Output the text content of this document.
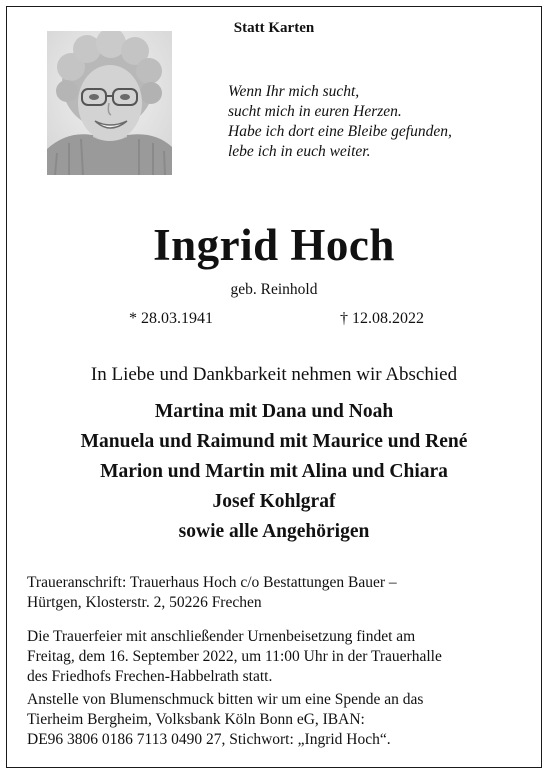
Statt Karten
Wenn Ihr mich sucht,
sucht mich in euren Herzen.
Habe ich dort eine Bleibe gefunden,
lebe ich in euch weiter.
Ingrid Hoch
geb. Reinhold
* 28.03.1941	† 12.08.2022
In Liebe und Dankbarkeit nehmen wir Abschied
Martina mit Dana und Noah
Manuela und Raimund mit Maurice und René
Marion und Martin mit Alina und Chiara
Josef Kohlgraf
sowie alle Angehörigen
Traueranschrift: Trauerhaus Hoch c/o Bestattungen Bauer –
Hürtgen, Klosterstr. 2, 50226 Frechen
Die Trauerfeier mit anschließender Urnenbeisetzung findet am
Freitag, dem 16. September 2022, um 11:00 Uhr in der Trauerhalle
des Friedhofs Frechen-Habbelrath statt.
Anstelle von Blumenschmuck bitten wir um eine Spende an das
Tierheim Bergheim, Volksbank Köln Bonn eG, IBAN:
DE96 3806 0186 7113 0490 27, Stichwort: „Ingrid Hoch“.
